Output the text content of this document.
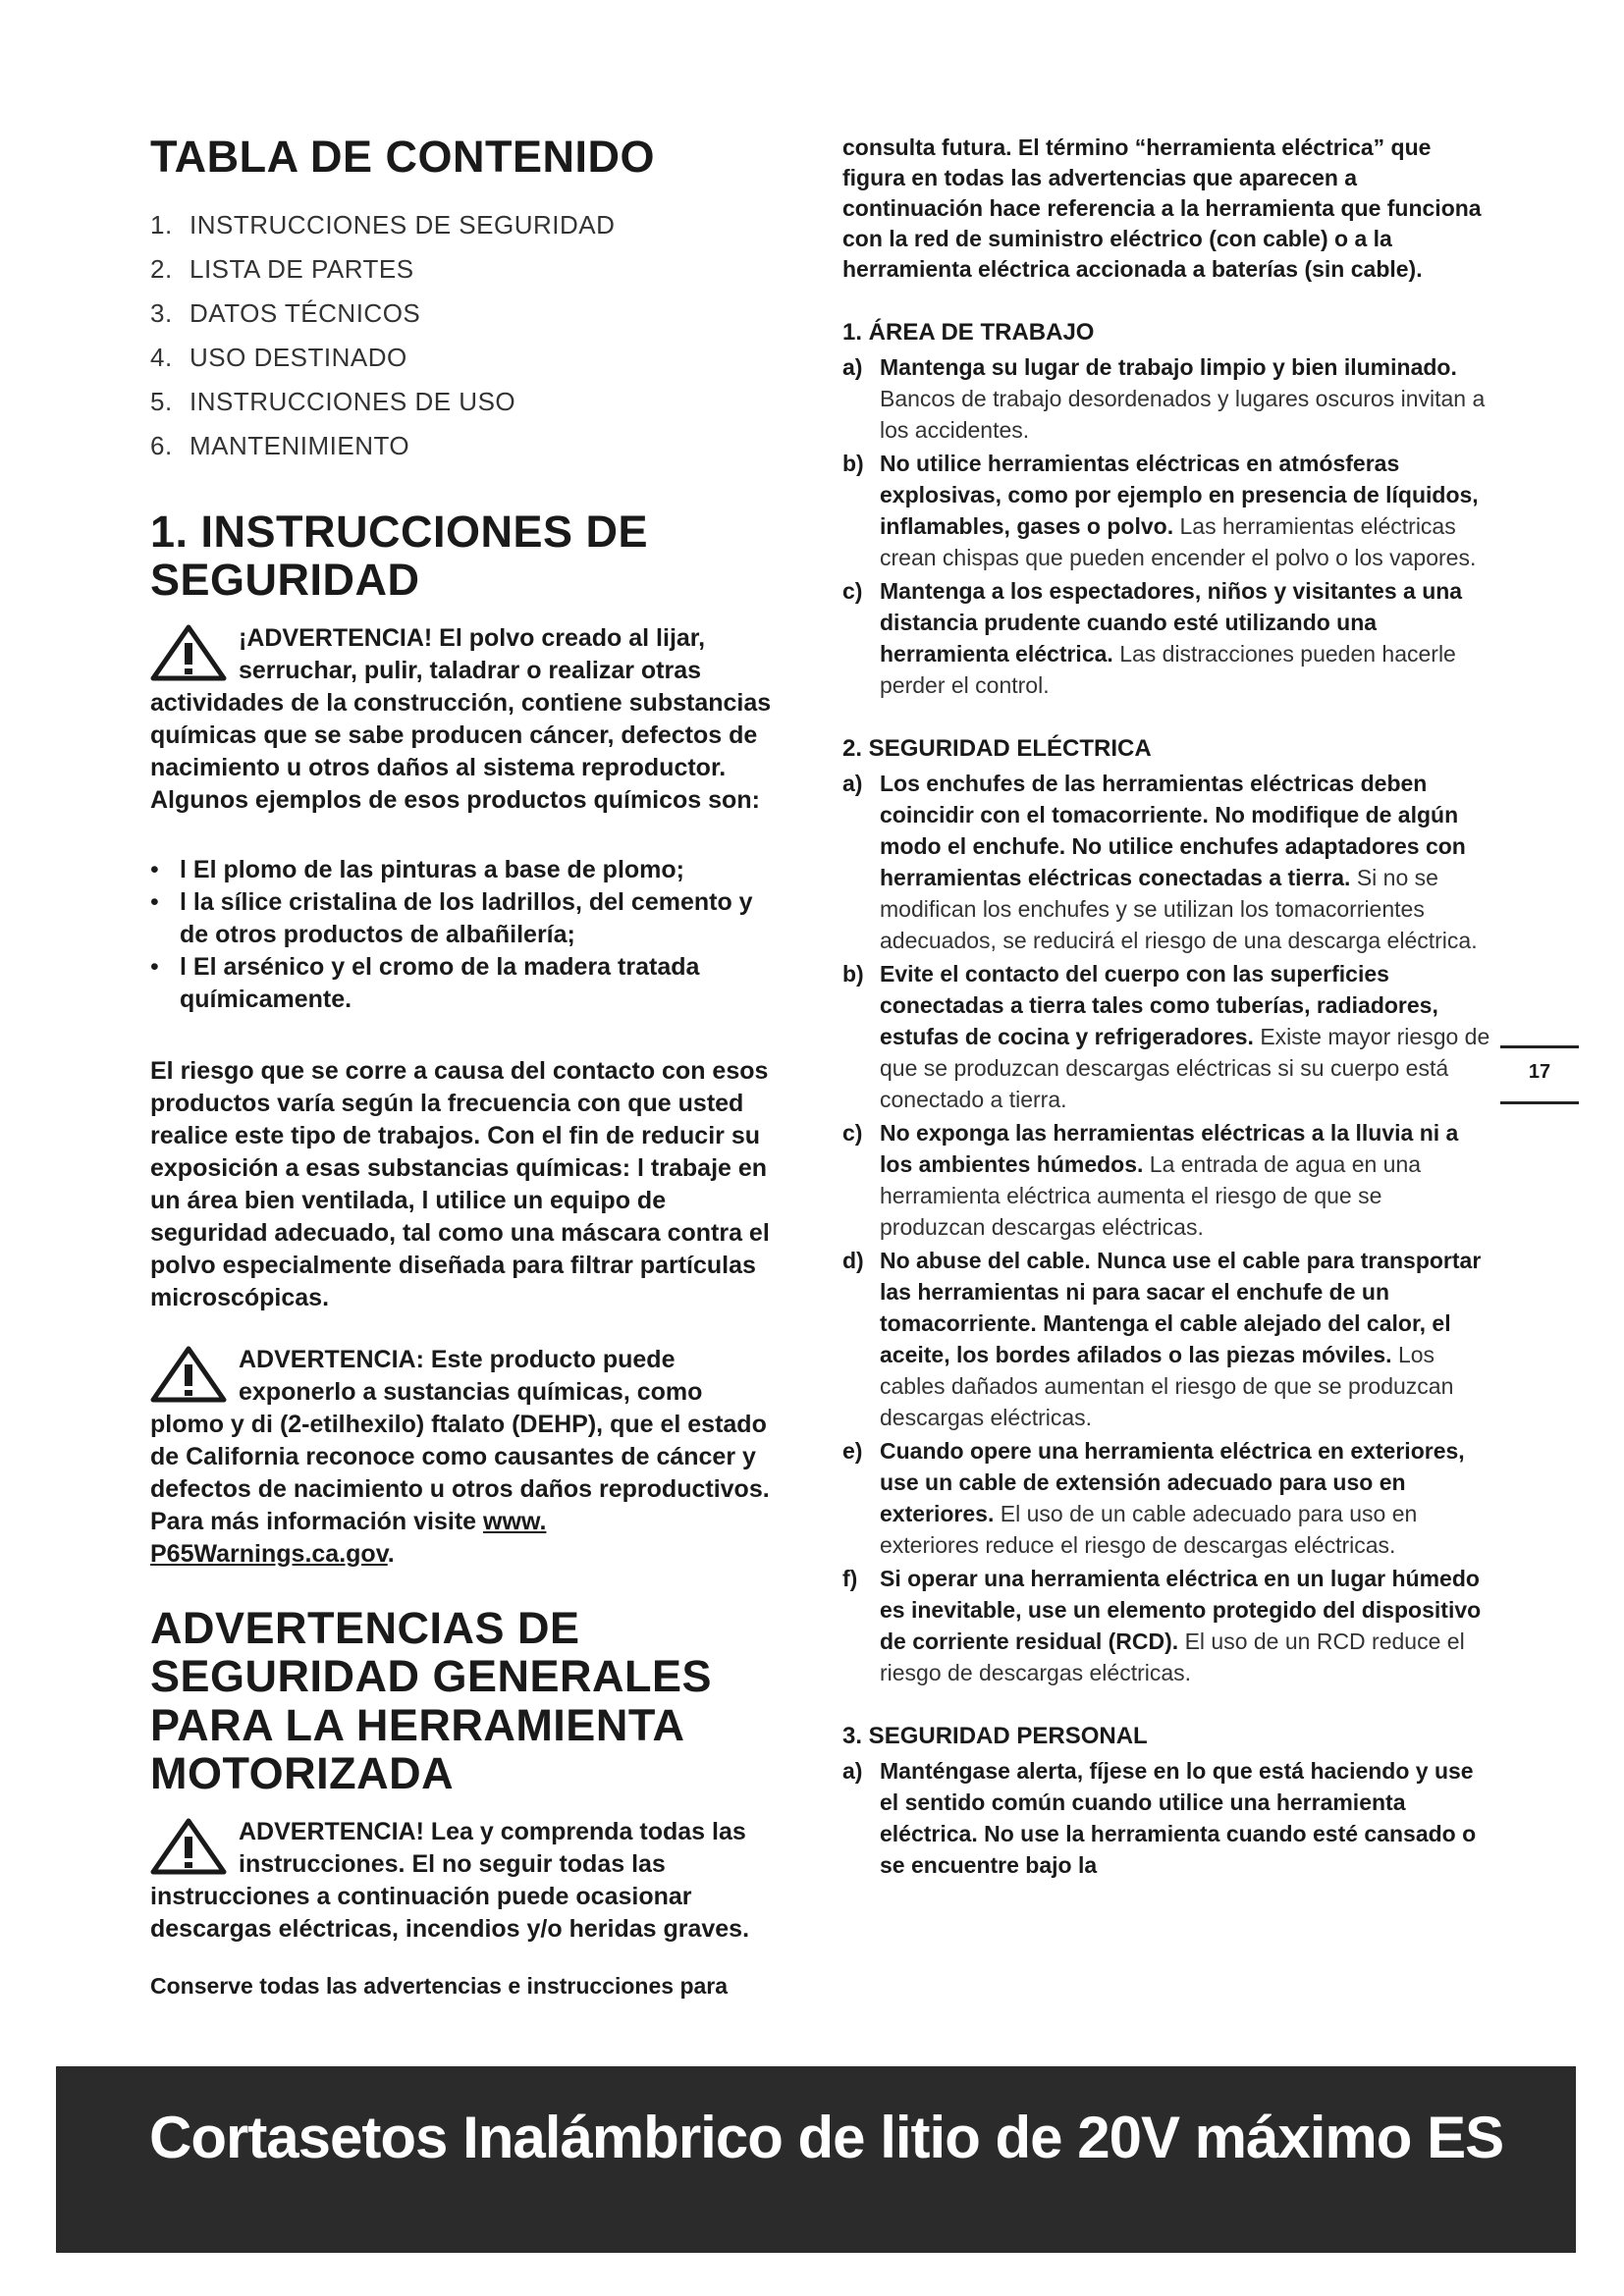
TABLA DE CONTENIDO
1. INSTRUCCIONES DE SEGURIDAD
2. LISTA DE PARTES
3. DATOS TÉCNICOS
4. USO DESTINADO
5. INSTRUCCIONES DE USO
6. MANTENIMIENTO
1. INSTRUCCIONES DE SEGURIDAD
¡ADVERTENCIA! El polvo creado al lijar, serruchar, pulir, taladrar o realizar otras actividades de la construcción, contiene substancias químicas que se sabe producen cáncer, defectos de nacimiento u otros daños al sistema reproductor. Algunos ejemplos de esos productos químicos son:
• l El plomo de las pinturas a base de plomo;
• l la sílice cristalina de los ladrillos, del cemento y de otros productos de albañilería;
• l El arsénico y el cromo de la madera tratada químicamente.

El riesgo que se corre a causa del contacto con esos productos varía según la frecuencia con que usted realice este tipo de trabajos. Con el fin de reducir su exposición a esas substancias químicas: l trabaje en un área bien ventilada, l utilice un equipo de seguridad adecuado, tal como una máscara contra el polvo especialmente diseñada para filtrar partículas microscópicas.

ADVERTENCIA: Este producto puede exponerlo a sustancias químicas, como plomo y di (2-etilhexilo) ftalato (DEHP), que el estado de California reconoce como causantes de cáncer y defectos de nacimiento u otros daños reproductivos. Para más información visite www. P65Warnings.ca.gov.
ADVERTENCIAS DE SEGURIDAD GENERALES PARA LA HERRAMIENTA MOTORIZADA
ADVERTENCIA! Lea y comprenda todas las instrucciones. El no seguir todas las instrucciones a continuación puede ocasionar descargas eléctricas, incendios y/o heridas graves.

Conserve todas las advertencias e instrucciones para

consulta futura. El término “herramienta eléctrica” que figura en todas las advertencias que aparecen a continuación hace referencia a la herramienta que funciona con la red de suministro eléctrico (con cable) o a la herramienta eléctrica accionada a baterías (sin cable).

1. ÁREA DE TRABAJO
a) Mantenga su lugar de trabajo limpio y bien iluminado. Bancos de trabajo desordenados y lugares oscuros invitan a los accidentes.
b) No utilice herramientas eléctricas en atmósferas explosivas, como por ejemplo en presencia de líquidos, inflamables, gases o polvo. Las herramientas eléctricas crean chispas que pueden encender el polvo o los vapores.
c) Mantenga a los espectadores, niños y visitantes a una distancia prudente cuando esté utilizando una herramienta eléctrica. Las distracciones pueden hacerle perder el control.
2. SEGURIDAD ELÉCTRICA
a) Los enchufes de las herramientas eléctricas deben coincidir con el tomacorriente. No modifique de algún modo el enchufe. No utilice enchufes adaptadores con herramientas eléctricas conectadas a tierra. Si no se modifican los enchufes y se utilizan los tomacorrientes adecuados, se reducirá el riesgo de una descarga eléctrica.
b) Evite el contacto del cuerpo con las superficies conectadas a tierra tales como tuberías, radiadores, estufas de cocina y refrigeradores. Existe mayor riesgo de que se produzcan descargas eléctricas si su cuerpo está conectado a tierra.
c) No exponga las herramientas eléctricas a la lluvia ni a los ambientes húmedos. La entrada de agua en una herramienta eléctrica aumenta el riesgo de que se produzcan descargas eléctricas.
d) No abuse del cable. Nunca use el cable para transportar las herramientas ni para sacar el enchufe de un tomacorriente. Mantenga el cable alejado del calor, el aceite, los bordes afilados o las piezas móviles. Los cables dañados aumentan el riesgo de que se produzcan descargas eléctricas.
e) Cuando opere una herramienta eléctrica en exteriores, use un cable de extensión adecuado para uso en exteriores. El uso de un cable adecuado para uso en exteriores reduce el riesgo de descargas eléctricas.
f) Si operar una herramienta eléctrica en un lugar húmedo es inevitable, use un elemento protegido del dispositivo de corriente residual (RCD). El uso de un RCD reduce el riesgo de descargas eléctricas.
3. SEGURIDAD PERSONAL
a) Manténgase alerta, fíjese en lo que está haciendo y use el sentido común cuando utilice una herramienta eléctrica. No use la herramienta cuando esté cansado o se encuentre bajo la
17
Cortasetos Inalámbrico de litio de 20V máximo ES
